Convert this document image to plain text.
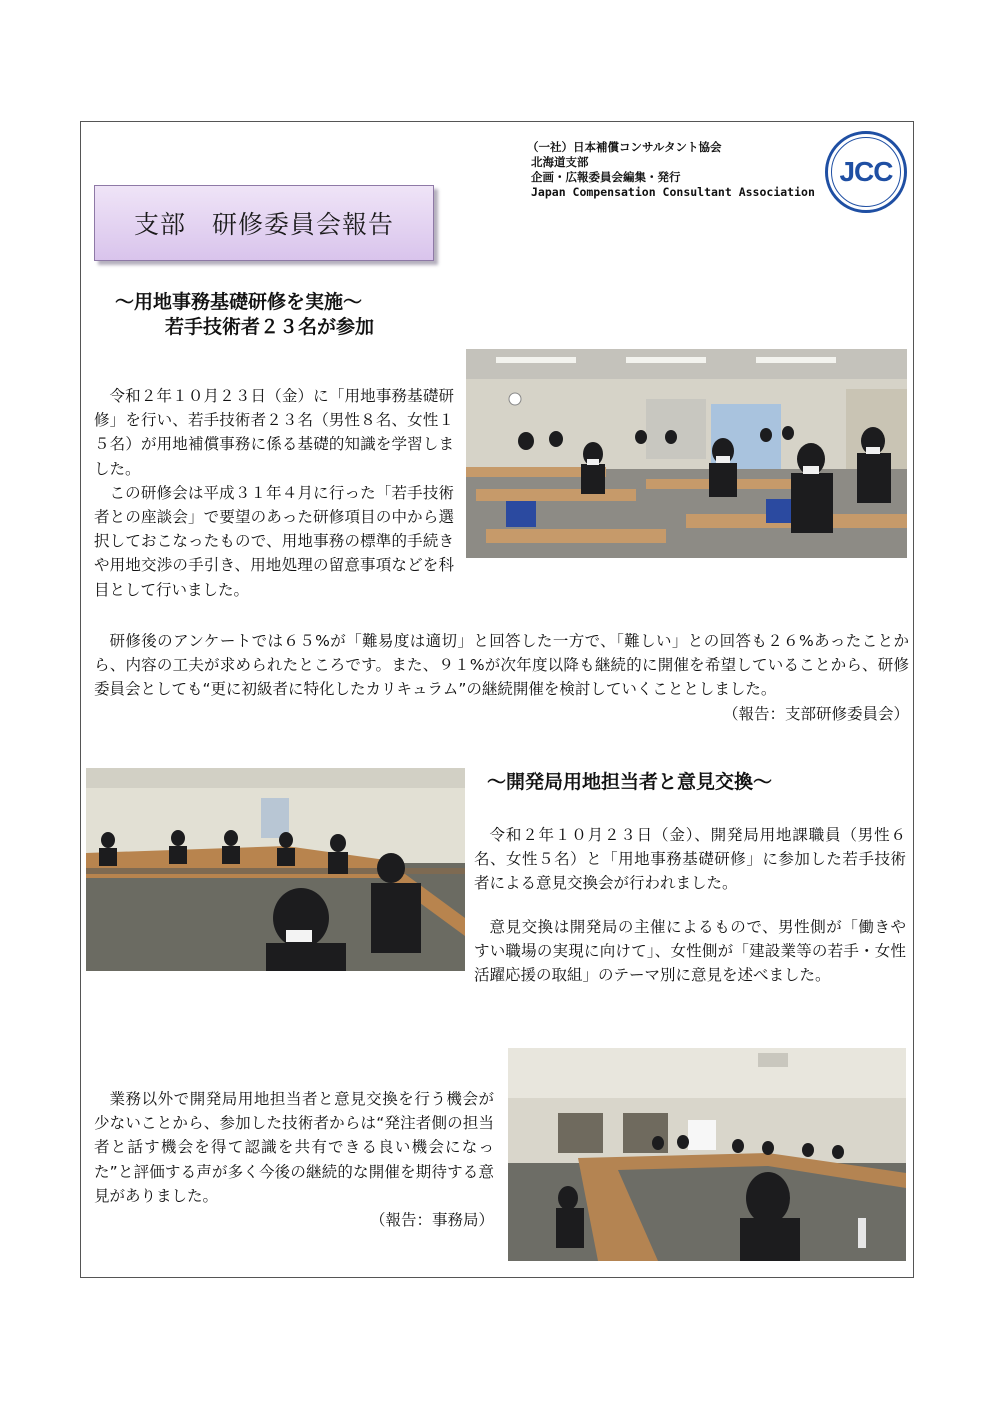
（一社）日本補償コンサルタント協会
北海道支部
企画・広報委員会編集・発行
Japan Compensation Consultant Association
JCC
支部　研修委員会報告
～用地事務基礎研修を実施～
若手技術者２３名が参加

令和２年１０月２３日（金）に「用地事務基礎研修」を行い、若手技術者２３名（男性８名、女性１５名）が用地補償事務に係る基礎的知識を学習しました。

この研修会は平成３１年４月に行った「若手技術者との座談会」で要望のあった研修項目の中から選択しておこなったもので、用地事務の標準的手続きや用地交渉の手引き、用地処理の留意事項などを科目として行いました。

研修後のアンケートでは６５%が「難易度は適切」と回答した一方で、「難しい」との回答も２６%あったことから、内容の工夫が求められたところです。また、９１%が次年度以降も継続的に開催を希望していることから、研修委員会としても“更に初級者に特化したカリキュラム”の継続開催を検討していくこととしました。

（報告：支部研修委員会）
～開発局用地担当者と意見交換～

令和２年１０月２３日（金）、開発局用地課職員（男性６名、女性５名）と「用地事務基礎研修」に参加した若手技術者による意見交換会が行われました。

意見交換は開発局の主催によるもので、男性側が「働きやすい職場の実現に向けて」、女性側が「建設業等の若手・女性活躍応援の取組」のテーマ別に意見を述べました。

業務以外で開発局用地担当者と意見交換を行う機会が少ないことから、参加した技術者からは“発注者側の担当者と話す機会を得て認識を共有できる良い機会になった”と評価する声が多く今後の継続的な開催を期待する意見がありました。

（報告：事務局）
